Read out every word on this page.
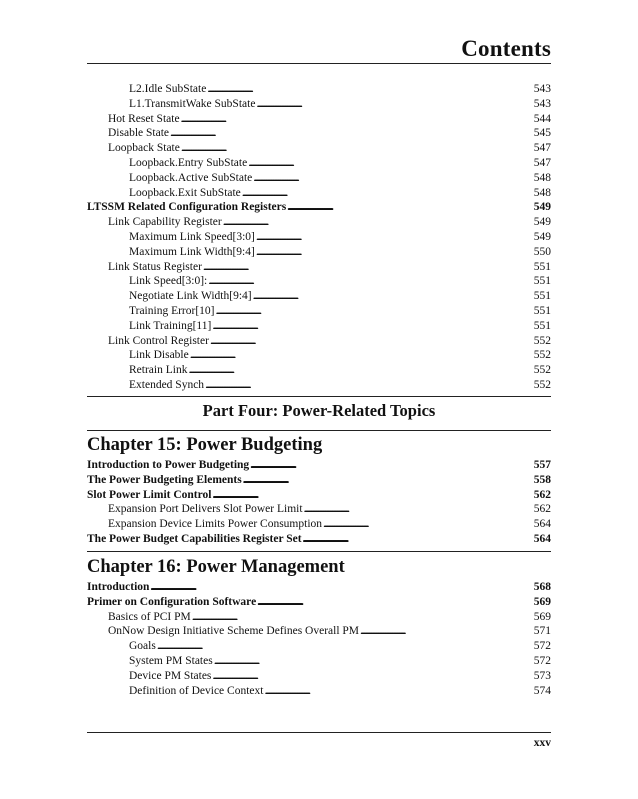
Contents
L2.Idle SubState . . .	543
L1.TransmitWake SubState . . .	543
Hot Reset State . . .	544
Disable State . . .	545
Loopback State . . .	547
Loopback.Entry SubState . . .	547
Loopback.Active SubState . . .	548
Loopback.Exit SubState . . .	548
LTSSM Related Configuration Registers . . .	549
Link Capability Register . . .	549
Maximum Link Speed[3:0] . . .	549
Maximum Link Width[9:4] . . .	550
Link Status Register . . .	551
Link Speed[3:0]: . . .	551
Negotiate Link Width[9:4] . . .	551
Training Error[10] . . .	551
Link Training[11] . . .	551
Link Control Register . . .	552
Link Disable . . .	552
Retrain Link . . .	552
Extended Synch . . .	552
Part Four: Power-Related Topics
Chapter 15: Power Budgeting
Introduction to Power Budgeting . . .	557
The Power Budgeting Elements . . .	558
Slot Power Limit Control . . .	562
Expansion Port Delivers Slot Power Limit . . .	562
Expansion Device Limits Power Consumption . . .	564
The Power Budget Capabilities Register Set . . .	564
Chapter 16: Power Management
Introduction . . .	568
Primer on Configuration Software . . .	569
Basics of PCI PM . . .	569
OnNow Design Initiative Scheme Defines Overall PM . . .	571
Goals . . .	572
System PM States . . .	572
Device PM States . . .	573
Definition of Device Context . . .	574
xxv
